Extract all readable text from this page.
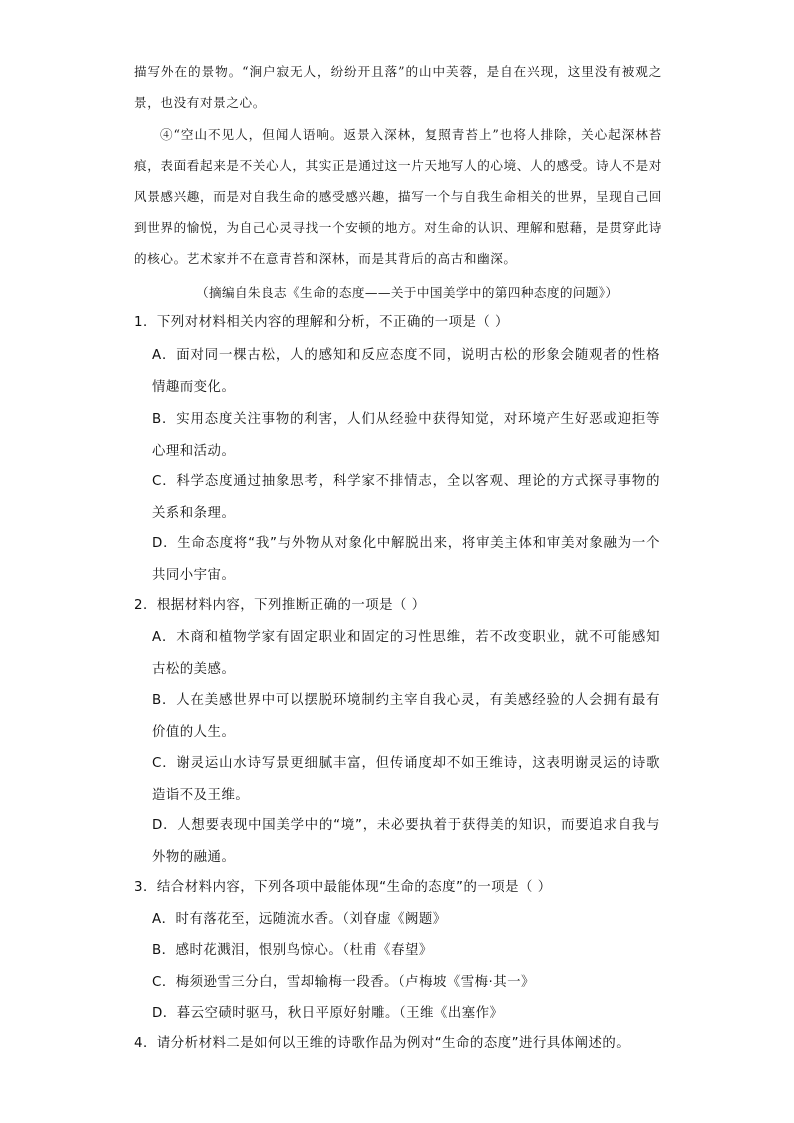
描写外在的景物。“涧户寂无人，纷纷开且落”的山中芙蓉，是自在兴现，这里没有被观之景，也没有对景之心。

④“空山不见人，但闻人语响。返景入深林，复照青苔上”也将人排除，关心起深林苔痕，表面看起来是不关心人，其实正是通过这一片天地写人的心境、人的感受。诗人不是对风景感兴趣，而是对自我生命的感受感兴趣，描写一个与自我生命相关的世界，呈现自己回到世界的愉悦，为自己心灵寻找一个安顿的地方。对生命的认识、理解和慰藉，是贯穿此诗的核心。艺术家并不在意青苔和深林，而是其背后的高古和幽深。

（摘编自朱良志《生命的态度——关于中国美学中的第四种态度的问题》）
1．下列对材料相关内容的理解和分析，不正确的一项是（ ）
A．面对同一棵古松，人的感知和反应态度不同，说明古松的形象会随观者的性格情趣而变化。
B．实用态度关注事物的利害，人们从经验中获得知觉，对环境产生好恶或迎拒等心理和活动。
C．科学态度通过抽象思考，科学家不排情志，全以客观、理论的方式探寻事物的关系和条理。
D．生命态度将“我”与外物从对象化中解脱出来，将审美主体和审美对象融为一个共同小宇宙。
2．根据材料内容，下列推断正确的一项是（ ）
A．木商和植物学家有固定职业和固定的习性思维，若不改变职业，就不可能感知古松的美感。
B．人在美感世界中可以摆脱环境制约主宰自我心灵，有美感经验的人会拥有最有价值的人生。
C．谢灵运山水诗写景更细腻丰富，但传诵度却不如王维诗，这表明谢灵运的诗歌造诣不及王维。
D．人想要表现中国美学中的“境”，未必要执着于获得美的知识，而要追求自我与外物的融通。
3．结合材料内容，下列各项中最能体现“生命的态度”的一项是（ ）
A．时有落花至，远随流水香。（刘眘虚《阙题》
B．感时花溅泪，恨别鸟惊心。（杜甫《春望》
C．梅须逊雪三分白，雪却输梅一段香。（卢梅坡《雪梅·其一》
D．暮云空碛时驱马，秋日平原好射雕。（王维《出塞作》
4．请分析材料二是如何以王维的诗歌作品为例对“生命的态度”进行具体阐述的。
